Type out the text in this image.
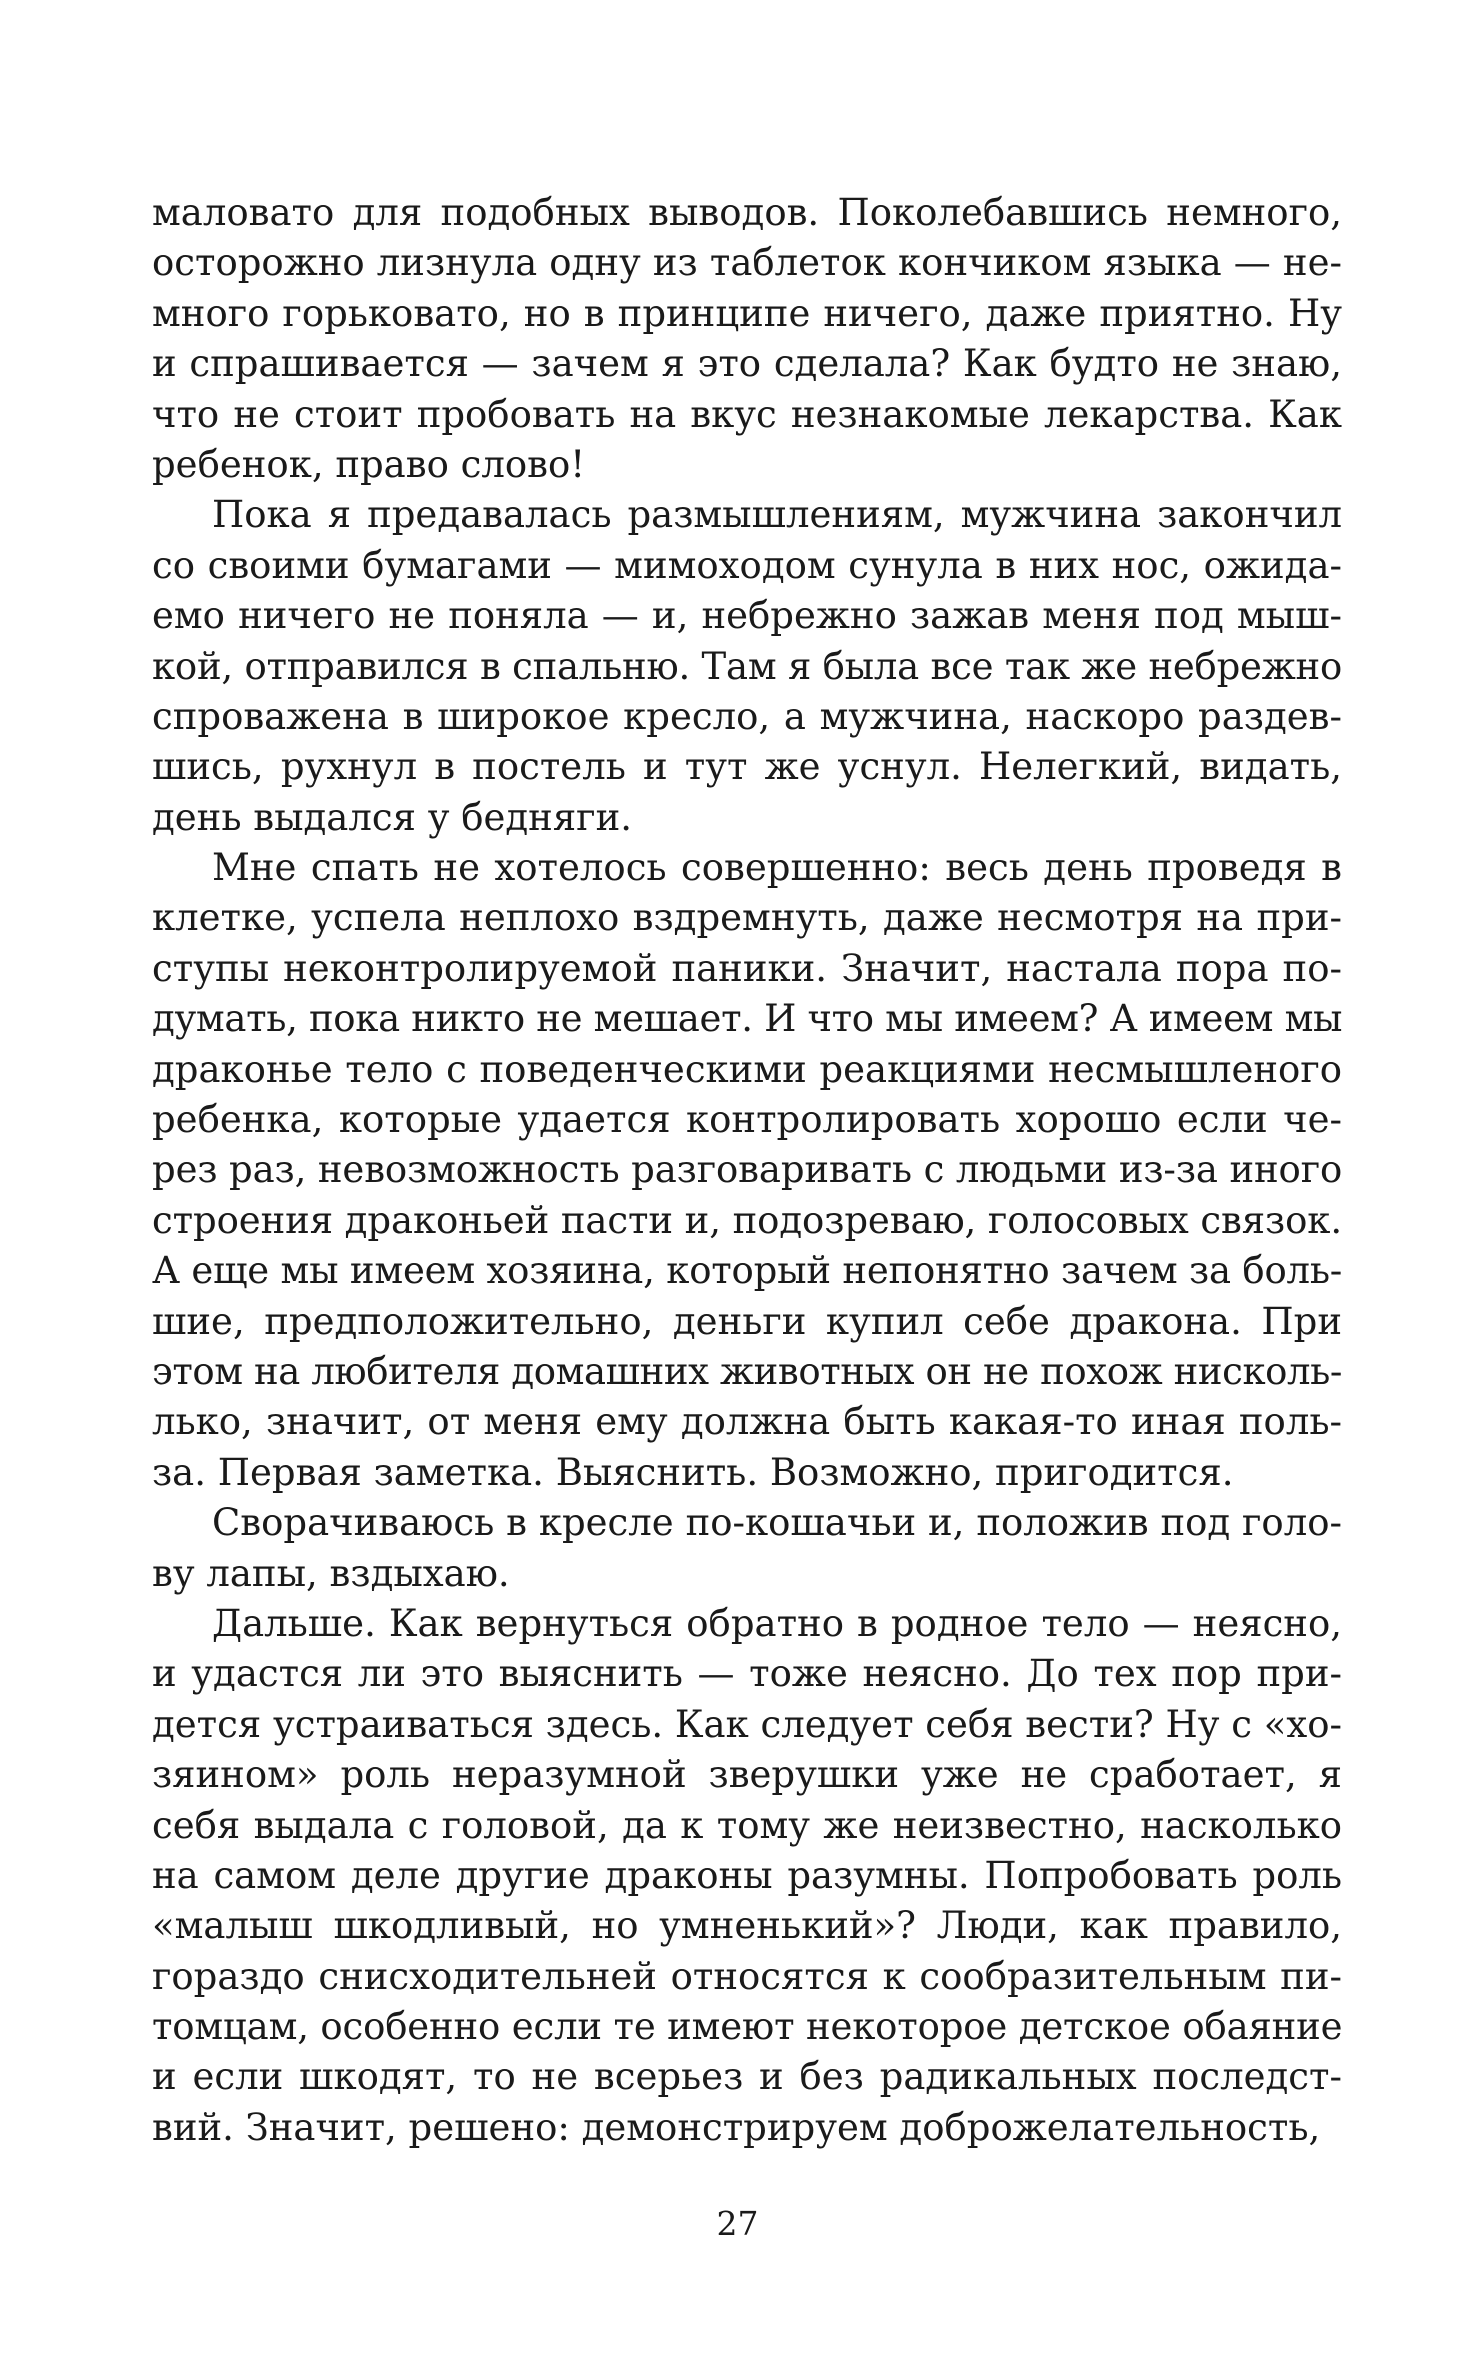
маловато для подобных выводов. Поколебавшись немного,
осторожно лизнула одну из таблеток кончиком языка — не-
много горьковато, но в принципе ничего, даже приятно. Ну
и спрашивается — зачем я это сделала? Как будто не знаю,
что не стоит пробовать на вкус незнакомые лекарства. Как
ребенок, право слово!
Пока я предавалась размышлениям, мужчина закончил
со своими бумагами — мимоходом сунула в них нос, ожида-
емо ничего не поняла — и, небрежно зажав меня под мыш-
кой, отправился в спальню. Там я была все так же небрежно
спроважена в широкое кресло, а мужчина, наскоро раздев-
шись, рухнул в постель и тут же уснул. Нелегкий, видать,
день выдался у бедняги.
Мне спать не хотелось совершенно: весь день проведя в
клетке, успела неплохо вздремнуть, даже несмотря на при-
ступы неконтролируемой паники. Значит, настала пора по-
думать, пока никто не мешает. И что мы имеем? А имеем мы
драконье тело с поведенческими реакциями несмышленого
ребенка, которые удается контролировать хорошо если че-
рез раз, невозможность разговаривать с людьми из-за иного
строения драконьей пасти и, подозреваю, голосовых связок.
А еще мы имеем хозяина, который непонятно зачем за боль-
шие, предположительно, деньги купил себе дракона. При
этом на любителя домашних животных он не похож нисколь-
лько, значит, от меня ему должна быть какая-то иная поль-
за. Первая заметка. Выяснить. Возможно, пригодится.
Сворачиваюсь в кресле по-кошачьи и, положив под голо-
ву лапы, вздыхаю.
Дальше. Как вернуться обратно в родное тело — неясно,
и удастся ли это выяснить — тоже неясно. До тех пор при-
дется устраиваться здесь. Как следует себя вести? Ну с «хо-
зяином» роль неразумной зверушки уже не сработает, я
себя выдала с головой, да к тому же неизвестно, насколько
на самом деле другие драконы разумны. Попробовать роль
«малыш шкодливый, но умненький»? Люди, как правило,
гораздо снисходительней относятся к сообразительным пи-
томцам, особенно если те имеют некоторое детское обаяние
и если шкодят, то не всерьез и без радикальных последст-
вий. Значит, решено: демонстрируем доброжелательность,
27
